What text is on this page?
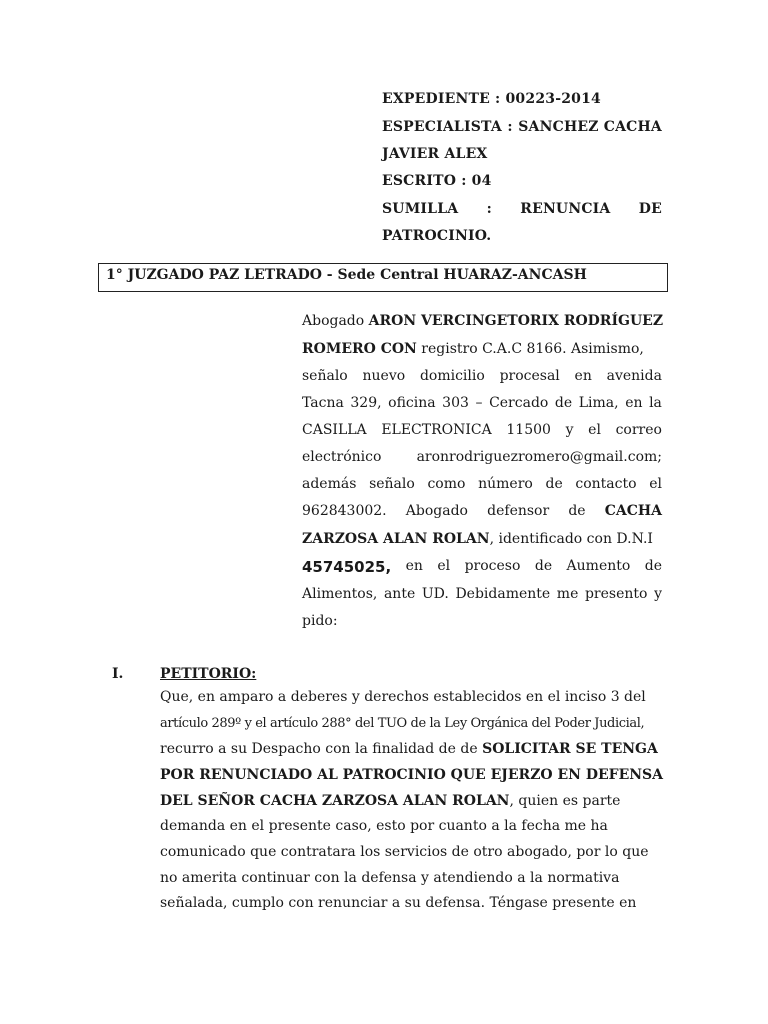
EXPEDIENTE : 00223-2014
ESPECIALISTA : SANCHEZ CACHA
JAVIER ALEX
ESCRITO : 04
SUMILLA : RENUNCIA DE
PATROCINIO.
1° JUZGADO PAZ LETRADO - Sede Central HUARAZ-ANCASH
Abogado ARON VERCINGETORIX RODRÍGUEZ
ROMERO CON registro C.A.C 8166. Asimismo,
señalo nuevo domicilio procesal en avenida
Tacna 329, oficina 303 – Cercado de Lima, en la
CASILLA ELECTRONICA 11500 y el correo
electrónico	aronrodriguezromero@gmail.com;
además señalo como número de contacto el
962843002. Abogado defensor de CACHA
ZARZOSA ALAN ROLAN, identificado con D.N.I
45745025, en el proceso de Aumento de
Alimentos, ante UD. Debidamente me presento y
pido:
I.	PETITORIO:
Que, en amparo a deberes y derechos establecidos en el inciso 3 del
artículo 289º y el artículo 288° del TUO de la Ley Orgánica del Poder Judicial,
recurro a su Despacho con la finalidad de de SOLICITAR SE TENGA
POR RENUNCIADO AL PATROCINIO QUE EJERZO EN DEFENSA
DEL SEÑOR CACHA ZARZOSA ALAN ROLAN, quien es parte
demanda en el presente caso, esto por cuanto a la fecha me ha
comunicado que contratara los servicios de otro abogado, por lo que
no amerita continuar con la defensa y atendiendo a la normativa
señalada, cumplo con renunciar a su defensa. Téngase presente en
